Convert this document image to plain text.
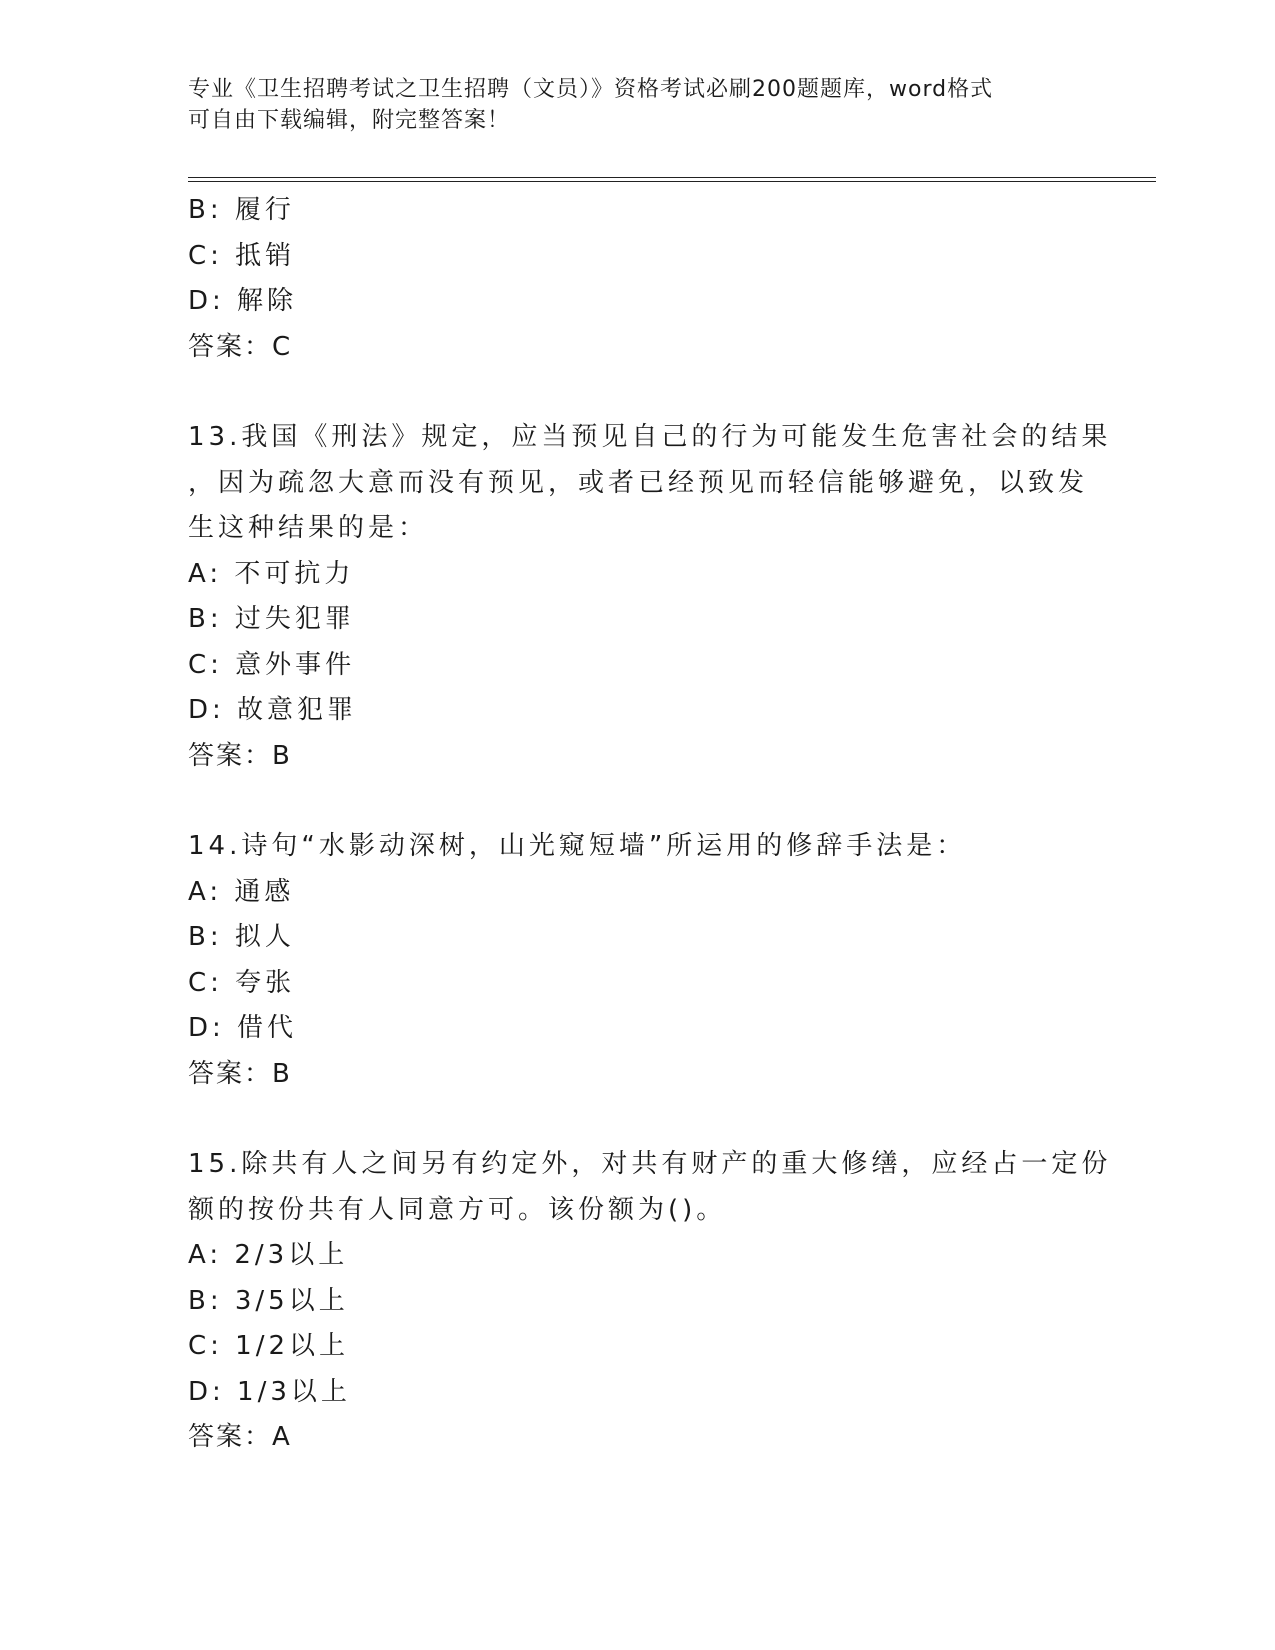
专业《卫生招聘考试之卫生招聘（文员）》资格考试必刷200题题库，word格式
可自由下载编辑，附完整答案！
B: 履行
C: 抵销
D: 解除
答案：C
13.我国《刑法》规定，应当预见自己的行为可能发生危害社会的结果
，因为疏忽大意而没有预见，或者已经预见而轻信能够避免，以致发
生这种结果的是：
A: 不可抗力
B: 过失犯罪
C: 意外事件
D: 故意犯罪
答案：B
14.诗句“水影动深树，山光窥短墙”所运用的修辞手法是：
A: 通感
B: 拟人
C: 夸张
D: 借代
答案：B
15.除共有人之间另有约定外，对共有财产的重大修缮，应经占一定份
额的按份共有人同意方可。该份额为()。
A: 2/3以上
B: 3/5以上
C: 1/2以上
D: 1/3以上
答案：A
